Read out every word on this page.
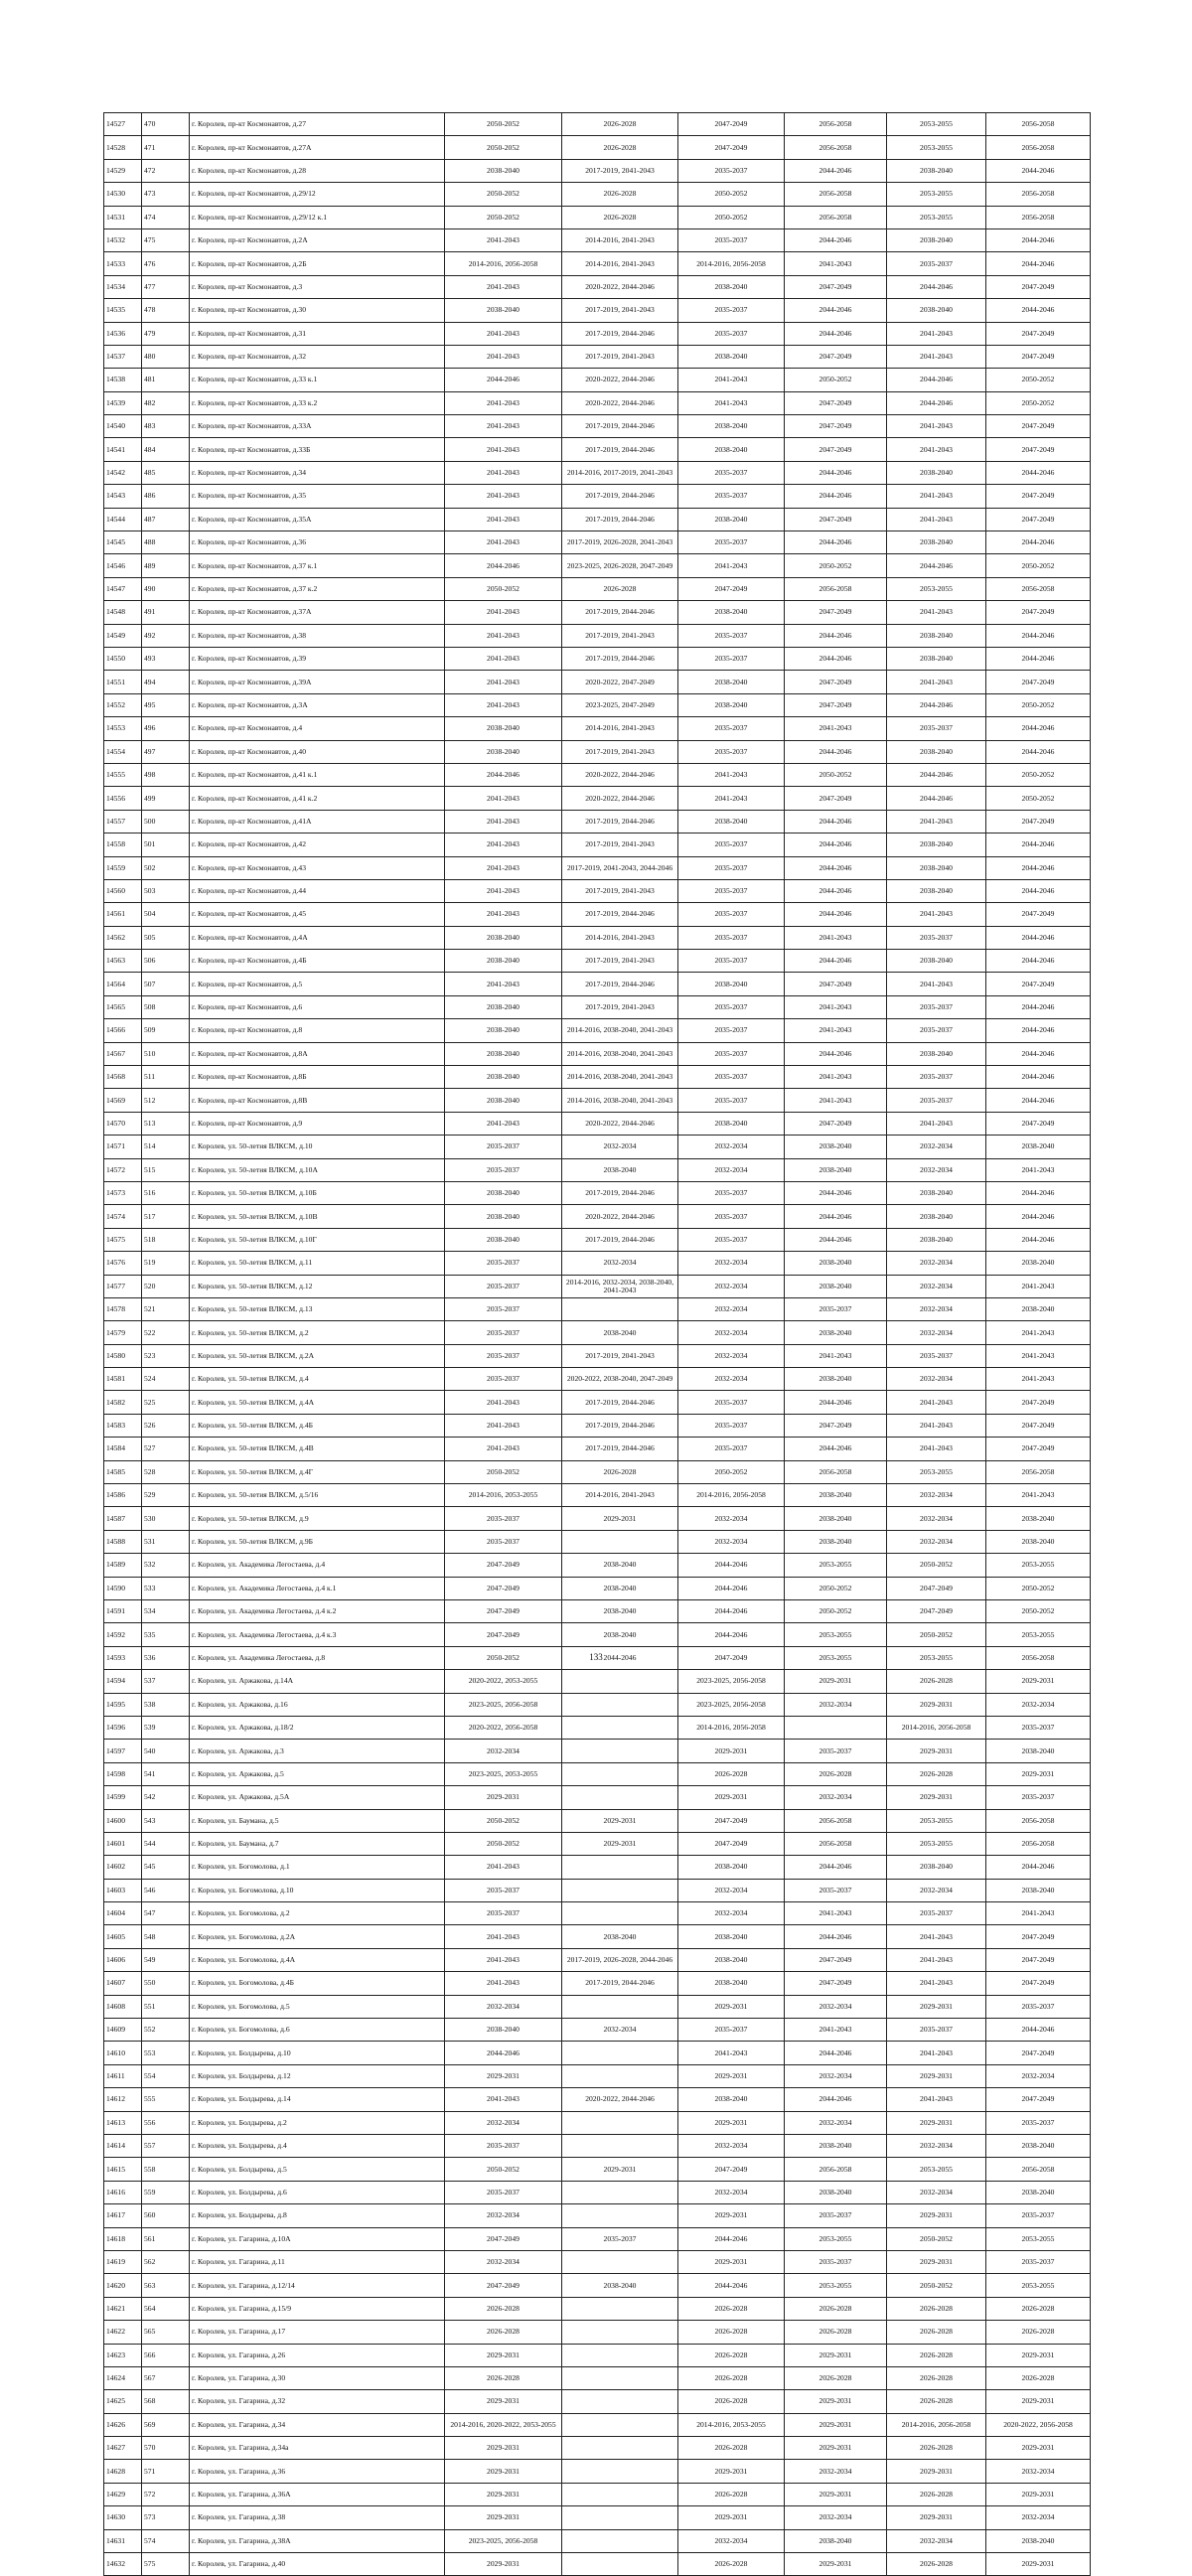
14527	470	г. Королев, пр-кт Космонавтов, д.27	2050-2052	2026-2028	2047-2049	2056-2058	2053-2055	2056-2058
14528	471	г. Королев, пр-кт Космонавтов, д.27А	2050-2052	2026-2028	2047-2049	2056-2058	2053-2055	2056-2058
14529	472	г. Королев, пр-кт Космонавтов, д.28	2038-2040	2017-2019, 2041-2043	2035-2037	2044-2046	2038-2040	2044-2046
14530	473	г. Королев, пр-кт Космонавтов, д.29/12	2050-2052	2026-2028	2050-2052	2056-2058	2053-2055	2056-2058
14531	474	г. Королев, пр-кт Космонавтов, д.29/12 к.1	2050-2052	2026-2028	2050-2052	2056-2058	2053-2055	2056-2058
14532	475	г. Королев, пр-кт Космонавтов, д.2А	2041-2043	2014-2016, 2041-2043	2035-2037	2044-2046	2038-2040	2044-2046
14533	476	г. Королев, пр-кт Космонавтов, д.2Б	2014-2016, 2056-2058	2014-2016, 2041-2043	2014-2016, 2056-2058	2041-2043	2035-2037	2044-2046
14534	477	г. Королев, пр-кт Космонавтов, д.3	2041-2043	2020-2022, 2044-2046	2038-2040	2047-2049	2044-2046	2047-2049
14535	478	г. Королев, пр-кт Космонавтов, д.30	2038-2040	2017-2019, 2041-2043	2035-2037	2044-2046	2038-2040	2044-2046
14536	479	г. Королев, пр-кт Космонавтов, д.31	2041-2043	2017-2019, 2044-2046	2035-2037	2044-2046	2041-2043	2047-2049
14537	480	г. Королев, пр-кт Космонавтов, д.32	2041-2043	2017-2019, 2041-2043	2038-2040	2047-2049	2041-2043	2047-2049
14538	481	г. Королев, пр-кт Космонавтов, д.33 к.1	2044-2046	2020-2022, 2044-2046	2041-2043	2050-2052	2044-2046	2050-2052
14539	482	г. Королев, пр-кт Космонавтов, д.33 к.2	2041-2043	2020-2022, 2044-2046	2041-2043	2047-2049	2044-2046	2050-2052
14540	483	г. Королев, пр-кт Космонавтов, д.33А	2041-2043	2017-2019, 2044-2046	2038-2040	2047-2049	2041-2043	2047-2049
14541	484	г. Королев, пр-кт Космонавтов, д.33Б	2041-2043	2017-2019, 2044-2046	2038-2040	2047-2049	2041-2043	2047-2049
14542	485	г. Королев, пр-кт Космонавтов, д.34	2041-2043	2014-2016, 2017-2019, 2041-2043	2035-2037	2044-2046	2038-2040	2044-2046
14543	486	г. Королев, пр-кт Космонавтов, д.35	2041-2043	2017-2019, 2044-2046	2035-2037	2044-2046	2041-2043	2047-2049
14544	487	г. Королев, пр-кт Космонавтов, д.35А	2041-2043	2017-2019, 2044-2046	2038-2040	2047-2049	2041-2043	2047-2049
14545	488	г. Королев, пр-кт Космонавтов, д.36	2041-2043	2017-2019, 2026-2028, 2041-2043	2035-2037	2044-2046	2038-2040	2044-2046
14546	489	г. Королев, пр-кт Космонавтов, д.37 к.1	2044-2046	2023-2025, 2026-2028, 2047-2049	2041-2043	2050-2052	2044-2046	2050-2052
14547	490	г. Королев, пр-кт Космонавтов, д.37 к.2	2050-2052	2026-2028	2047-2049	2056-2058	2053-2055	2056-2058
14548	491	г. Королев, пр-кт Космонавтов, д.37А	2041-2043	2017-2019, 2044-2046	2038-2040	2047-2049	2041-2043	2047-2049
14549	492	г. Королев, пр-кт Космонавтов, д.38	2041-2043	2017-2019, 2041-2043	2035-2037	2044-2046	2038-2040	2044-2046
14550	493	г. Королев, пр-кт Космонавтов, д.39	2041-2043	2017-2019, 2044-2046	2035-2037	2044-2046	2038-2040	2044-2046
14551	494	г. Королев, пр-кт Космонавтов, д.39А	2041-2043	2020-2022, 2047-2049	2038-2040	2047-2049	2041-2043	2047-2049
14552	495	г. Королев, пр-кт Космонавтов, д.3А	2041-2043	2023-2025, 2047-2049	2038-2040	2047-2049	2044-2046	2050-2052
14553	496	г. Королев, пр-кт Космонавтов, д.4	2038-2040	2014-2016, 2041-2043	2035-2037	2041-2043	2035-2037	2044-2046
14554	497	г. Королев, пр-кт Космонавтов, д.40	2038-2040	2017-2019, 2041-2043	2035-2037	2044-2046	2038-2040	2044-2046
14555	498	г. Королев, пр-кт Космонавтов, д.41 к.1	2044-2046	2020-2022, 2044-2046	2041-2043	2050-2052	2044-2046	2050-2052
14556	499	г. Королев, пр-кт Космонавтов, д.41 к.2	2041-2043	2020-2022, 2044-2046	2041-2043	2047-2049	2044-2046	2050-2052
14557	500	г. Королев, пр-кт Космонавтов, д.41А	2041-2043	2017-2019, 2044-2046	2038-2040	2044-2046	2041-2043	2047-2049
14558	501	г. Королев, пр-кт Космонавтов, д.42	2041-2043	2017-2019, 2041-2043	2035-2037	2044-2046	2038-2040	2044-2046
14559	502	г. Королев, пр-кт Космонавтов, д.43	2041-2043	2017-2019, 2041-2043, 2044-2046	2035-2037	2044-2046	2038-2040	2044-2046
14560	503	г. Королев, пр-кт Космонавтов, д.44	2041-2043	2017-2019, 2041-2043	2035-2037	2044-2046	2038-2040	2044-2046
14561	504	г. Королев, пр-кт Космонавтов, д.45	2041-2043	2017-2019, 2044-2046	2035-2037	2044-2046	2041-2043	2047-2049
14562	505	г. Королев, пр-кт Космонавтов, д.4А	2038-2040	2014-2016, 2041-2043	2035-2037	2041-2043	2035-2037	2044-2046
14563	506	г. Королев, пр-кт Космонавтов, д.4Б	2038-2040	2017-2019, 2041-2043	2035-2037	2044-2046	2038-2040	2044-2046
14564	507	г. Королев, пр-кт Космонавтов, д.5	2041-2043	2017-2019, 2044-2046	2038-2040	2047-2049	2041-2043	2047-2049
14565	508	г. Королев, пр-кт Космонавтов, д.6	2038-2040	2017-2019, 2041-2043	2035-2037	2041-2043	2035-2037	2044-2046
14566	509	г. Королев, пр-кт Космонавтов, д.8	2038-2040	2014-2016, 2038-2040, 2041-2043	2035-2037	2041-2043	2035-2037	2044-2046
14567	510	г. Королев, пр-кт Космонавтов, д.8А	2038-2040	2014-2016, 2038-2040, 2041-2043	2035-2037	2044-2046	2038-2040	2044-2046
14568	511	г. Королев, пр-кт Космонавтов, д.8Б	2038-2040	2014-2016, 2038-2040, 2041-2043	2035-2037	2041-2043	2035-2037	2044-2046
14569	512	г. Королев, пр-кт Космонавтов, д.8В	2038-2040	2014-2016, 2038-2040, 2041-2043	2035-2037	2041-2043	2035-2037	2044-2046
14570	513	г. Королев, пр-кт Космонавтов, д.9	2041-2043	2020-2022, 2044-2046	2038-2040	2047-2049	2041-2043	2047-2049
14571	514	г. Королев, ул. 50-летия ВЛКСМ, д.10	2035-2037	2032-2034	2032-2034	2038-2040	2032-2034	2038-2040
14572	515	г. Королев, ул. 50-летия ВЛКСМ, д.10А	2035-2037	2038-2040	2032-2034	2038-2040	2032-2034	2041-2043
14573	516	г. Королев, ул. 50-летия ВЛКСМ, д.10Б	2038-2040	2017-2019, 2044-2046	2035-2037	2044-2046	2038-2040	2044-2046
14574	517	г. Королев, ул. 50-летия ВЛКСМ, д.10В	2038-2040	2020-2022, 2044-2046	2035-2037	2044-2046	2038-2040	2044-2046
14575	518	г. Королев, ул. 50-летия ВЛКСМ, д.10Г	2038-2040	2017-2019, 2044-2046	2035-2037	2044-2046	2038-2040	2044-2046
14576	519	г. Королев, ул. 50-летия ВЛКСМ, д.11	2035-2037	2032-2034	2032-2034	2038-2040	2032-2034	2038-2040
14577	520	г. Королев, ул. 50-летия ВЛКСМ, д.12	2035-2037	2014-2016, 2032-2034, 2038-2040, 2041-2043	2032-2034	2038-2040	2032-2034	2041-2043
14578	521	г. Королев, ул. 50-летия ВЛКСМ, д.13	2035-2037		2032-2034	2035-2037	2032-2034	2038-2040
14579	522	г. Королев, ул. 50-летия ВЛКСМ, д.2	2035-2037	2038-2040	2032-2034	2038-2040	2032-2034	2041-2043
14580	523	г. Королев, ул. 50-летия ВЛКСМ, д.2А	2035-2037	2017-2019, 2041-2043	2032-2034	2041-2043	2035-2037	2041-2043
14581	524	г. Королев, ул. 50-летия ВЛКСМ, д.4	2035-2037	2020-2022, 2038-2040, 2047-2049	2032-2034	2038-2040	2032-2034	2041-2043
14582	525	г. Королев, ул. 50-летия ВЛКСМ, д.4А	2041-2043	2017-2019, 2044-2046	2035-2037	2044-2046	2041-2043	2047-2049
14583	526	г. Королев, ул. 50-летия ВЛКСМ, д.4Б	2041-2043	2017-2019, 2044-2046	2035-2037	2047-2049	2041-2043	2047-2049
14584	527	г. Королев, ул. 50-летия ВЛКСМ, д.4В	2041-2043	2017-2019, 2044-2046	2035-2037	2044-2046	2041-2043	2047-2049
14585	528	г. Королев, ул. 50-летия ВЛКСМ, д.4Г	2050-2052	2026-2028	2050-2052	2056-2058	2053-2055	2056-2058
14586	529	г. Королев, ул. 50-летия ВЛКСМ, д.5/16	2014-2016, 2053-2055	2014-2016, 2041-2043	2014-2016, 2056-2058	2038-2040	2032-2034	2041-2043
14587	530	г. Королев, ул. 50-летия ВЛКСМ, д.9	2035-2037	2029-2031	2032-2034	2038-2040	2032-2034	2038-2040
14588	531	г. Королев, ул. 50-летия ВЛКСМ, д.9Б	2035-2037		2032-2034	2038-2040	2032-2034	2038-2040
14589	532	г. Королев, ул. Академика Легостаева, д.4	2047-2049	2038-2040	2044-2046	2053-2055	2050-2052	2053-2055
14590	533	г. Королев, ул. Академика Легостаева, д.4 к.1	2047-2049	2038-2040	2044-2046	2050-2052	2047-2049	2050-2052
14591	534	г. Королев, ул. Академика Легостаева, д.4 к.2	2047-2049	2038-2040	2044-2046	2050-2052	2047-2049	2050-2052
14592	535	г. Королев, ул. Академика Легостаева, д.4 к.3	2047-2049	2038-2040	2044-2046	2053-2055	2050-2052	2053-2055
14593	536	г. Королев, ул. Академика Легостаева, д.8	2050-2052	2044-2046	2047-2049	2053-2055	2053-2055	2056-2058
14594	537	г. Королев, ул. Аржакова, д.14А	2020-2022, 2053-2055		2023-2025, 2056-2058	2029-2031	2026-2028	2029-2031
14595	538	г. Королев, ул. Аржакова, д.16	2023-2025, 2056-2058		2023-2025, 2056-2058	2032-2034	2029-2031	2032-2034
14596	539	г. Королев, ул. Аржакова, д.18/2	2020-2022, 2056-2058		2014-2016, 2056-2058		2014-2016, 2056-2058	2035-2037
14597	540	г. Королев, ул. Аржакова, д.3	2032-2034		2029-2031	2035-2037	2029-2031	2038-2040
14598	541	г. Королев, ул. Аржакова, д.5	2023-2025, 2053-2055		2026-2028	2026-2028	2026-2028	2029-2031
14599	542	г. Королев, ул. Аржакова, д.5А	2029-2031		2029-2031	2032-2034	2029-2031	2035-2037
14600	543	г. Королев, ул. Баумана, д.5	2050-2052	2029-2031	2047-2049	2056-2058	2053-2055	2056-2058
14601	544	г. Королев, ул. Баумана, д.7	2050-2052	2029-2031	2047-2049	2056-2058	2053-2055	2056-2058
14602	545	г. Королев, ул. Богомолова, д.1	2041-2043		2038-2040	2044-2046	2038-2040	2044-2046
14603	546	г. Королев, ул. Богомолова, д.10	2035-2037		2032-2034	2035-2037	2032-2034	2038-2040
14604	547	г. Королев, ул. Богомолова, д.2	2035-2037		2032-2034	2041-2043	2035-2037	2041-2043
14605	548	г. Королев, ул. Богомолова, д.2А	2041-2043	2038-2040	2038-2040	2044-2046	2041-2043	2047-2049
14606	549	г. Королев, ул. Богомолова, д.4А	2041-2043	2017-2019, 2026-2028, 2044-2046	2038-2040	2047-2049	2041-2043	2047-2049
14607	550	г. Королев, ул. Богомолова, д.4Б	2041-2043	2017-2019, 2044-2046	2038-2040	2047-2049	2041-2043	2047-2049
14608	551	г. Королев, ул. Богомолова, д.5	2032-2034		2029-2031	2032-2034	2029-2031	2035-2037
14609	552	г. Королев, ул. Богомолова, д.6	2038-2040	2032-2034	2035-2037	2041-2043	2035-2037	2044-2046
14610	553	г. Королев, ул. Болдырева, д.10	2044-2046		2041-2043	2044-2046	2041-2043	2047-2049
14611	554	г. Королев, ул. Болдырева, д.12	2029-2031		2029-2031	2032-2034	2029-2031	2032-2034
14612	555	г. Королев, ул. Болдырева, д.14	2041-2043	2020-2022, 2044-2046	2038-2040	2044-2046	2041-2043	2047-2049
14613	556	г. Королев, ул. Болдырева, д.2	2032-2034		2029-2031	2032-2034	2029-2031	2035-2037
14614	557	г. Королев, ул. Болдырева, д.4	2035-2037		2032-2034	2038-2040	2032-2034	2038-2040
14615	558	г. Королев, ул. Болдырева, д.5	2050-2052	2029-2031	2047-2049	2056-2058	2053-2055	2056-2058
14616	559	г. Королев, ул. Болдырева, д.6	2035-2037		2032-2034	2038-2040	2032-2034	2038-2040
14617	560	г. Королев, ул. Болдырева, д.8	2032-2034		2029-2031	2035-2037	2029-2031	2035-2037
14618	561	г. Королев, ул. Гагарина, д.10А	2047-2049	2035-2037	2044-2046	2053-2055	2050-2052	2053-2055
14619	562	г. Королев, ул. Гагарина, д.11	2032-2034		2029-2031	2035-2037	2029-2031	2035-2037
14620	563	г. Королев, ул. Гагарина, д.12/14	2047-2049	2038-2040	2044-2046	2053-2055	2050-2052	2053-2055
14621	564	г. Королев, ул. Гагарина, д.15/9	2026-2028		2026-2028	2026-2028	2026-2028	2026-2028
14622	565	г. Королев, ул. Гагарина, д.17	2026-2028		2026-2028	2026-2028	2026-2028	2026-2028
14623	566	г. Королев, ул. Гагарина, д.26	2029-2031		2026-2028	2029-2031	2026-2028	2029-2031
14624	567	г. Королев, ул. Гагарина, д.30	2026-2028		2026-2028	2026-2028	2026-2028	2026-2028
14625	568	г. Королев, ул. Гагарина, д.32	2029-2031		2026-2028	2029-2031	2026-2028	2029-2031
14626	569	г. Королев, ул. Гагарина, д.34	2014-2016, 2020-2022, 2053-2055		2014-2016, 2053-2055	2029-2031	2014-2016, 2056-2058	2020-2022, 2056-2058
14627	570	г. Королев, ул. Гагарина, д.34а	2029-2031		2026-2028	2029-2031	2026-2028	2029-2031
14628	571	г. Королев, ул. Гагарина, д.36	2029-2031		2029-2031	2032-2034	2029-2031	2032-2034
14629	572	г. Королев, ул. Гагарина, д.36А	2029-2031		2026-2028	2029-2031	2026-2028	2029-2031
14630	573	г. Королев, ул. Гагарина, д.38	2029-2031		2029-2031	2032-2034	2029-2031	2032-2034
14631	574	г. Королев, ул. Гагарина, д.38А	2023-2025, 2056-2058		2032-2034	2038-2040	2032-2034	2038-2040
14632	575	г. Королев, ул. Гагарина, д.40	2029-2031		2026-2028	2029-2031	2026-2028	2029-2031
133
